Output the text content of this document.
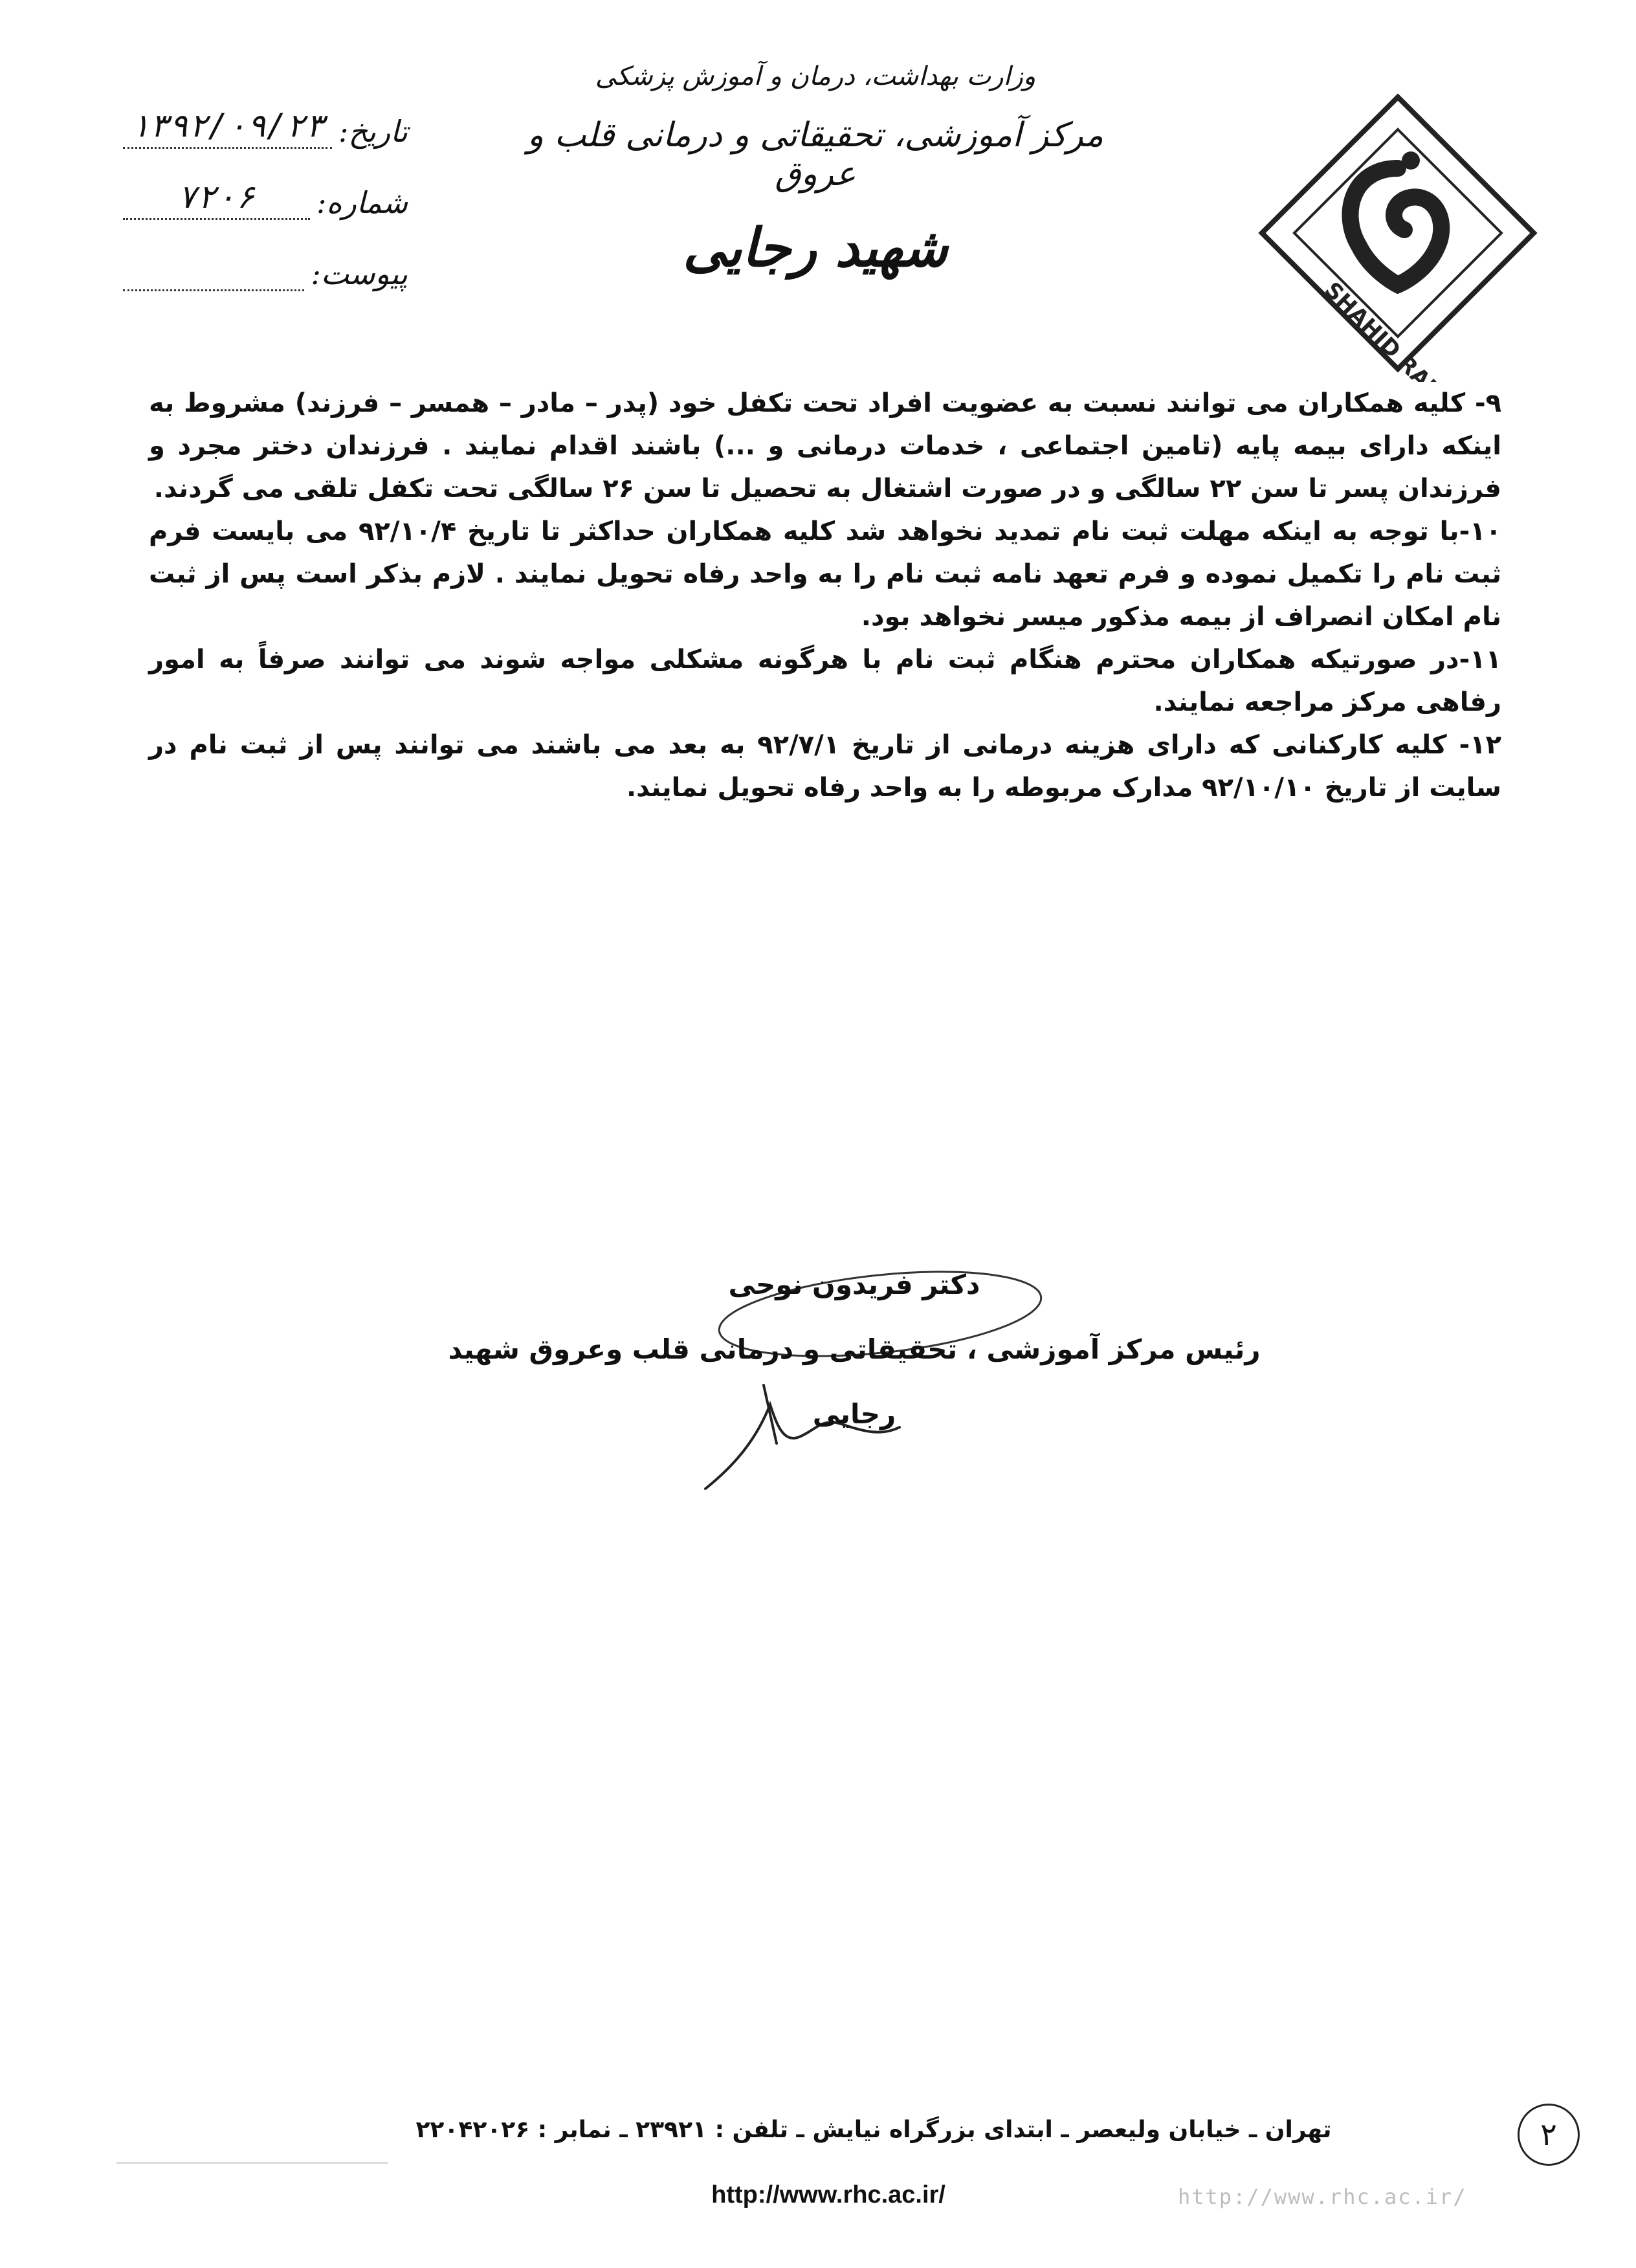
تاریخ:
۱۳۹۲/۰۹/۲۳
شماره:
۷۲۰۶
پیوست:
وزارت بهداشت، درمان و آموزش پزشکی
مرکز آموزشی، تحقیقاتی و درمانی قلب و عروق
شهید رجایی

۹- کلیه همکاران می توانند نسبت به عضویت افراد تحت تکفل خود (پدر – مادر – همسر – فرزند) مشروط به اینکه دارای بیمه پایه (تامین اجتماعی ، خدمات درمانی و ...) باشند اقدام نمایند . فرزندان دختر مجرد و فرزندان پسر تا سن ۲۲ سالگی و در صورت اشتغال به تحصیل تا سن ۲۶ سالگی تحت تکفل تلقی می گردند.

۱۰-با توجه به اینکه مهلت ثبت نام تمدید نخواهد شد کلیه همکاران حداکثر تا تاریخ ۹۲/۱۰/۴ می بایست فرم ثبت نام را تکمیل نموده و فرم تعهد نامه ثبت نام را به واحد رفاه تحویل نمایند . لازم بذکر است پس از ثبت نام امکان انصراف از بیمه مذکور میسر نخواهد بود.

۱۱-در صورتیکه همکاران محترم هنگام ثبت نام با هرگونه مشکلی مواجه شوند می توانند صرفاً به امور رفاهی مرکز مراجعه نمایند.

۱۲- کلیه کارکنانی که دارای هزینه درمانی از تاریخ ۹۲/۷/۱ به بعد می باشند می توانند پس از ثبت نام در سایت از تاریخ ۹۲/۱۰/۱۰ مدارک مربوطه را به واحد رفاه تحویل نمایند.

دکتر فریدون نوحی
رئیس مرکز آموزشی ، تحقیقاتی و درمانی قلب وعروق شهید رجایی
تهران ـ خیابان ولیعصر ـ ابتدای بزرگراه نیایش ـ تلفن : ۲۳۹۲۱ ـ نمابر : ۲۲۰۴۲۰۲۶
http://www.rhc.ac.ir/	http://www.rhc.ac.ir/
۲
